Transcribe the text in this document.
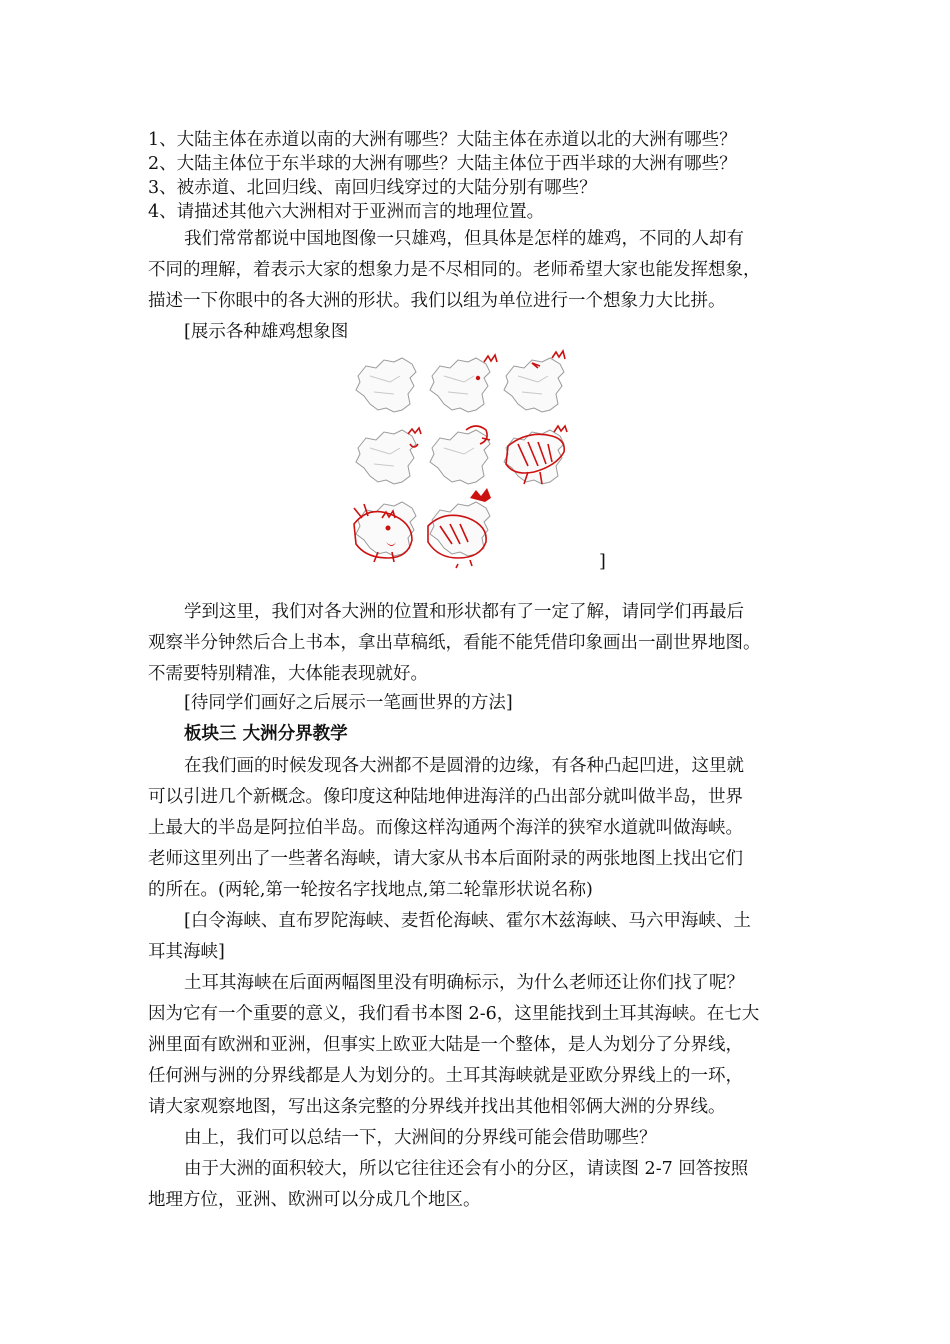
1、大陆主体在赤道以南的大洲有哪些？大陆主体在赤道以北的大洲有哪些？
2、大陆主体位于东半球的大洲有哪些？大陆主体位于西半球的大洲有哪些？
3、被赤道、北回归线、南回归线穿过的大陆分别有哪些？
4、请描述其他六大洲相对于亚洲而言的地理位置。
我们常常都说中国地图像一只雄鸡，但具体是怎样的雄鸡，不同的人却有
不同的理解，着表示大家的想象力是不尽相同的。老师希望大家也能发挥想象，
描述一下你眼中的各大洲的形状。我们以组为单位进行一个想象力大比拼。
[展示各种雄鸡想象图
]
学到这里，我们对各大洲的位置和形状都有了一定了解，请同学们再最后
观察半分钟然后合上书本，拿出草稿纸，看能不能凭借印象画出一副世界地图。
不需要特别精准，大体能表现就好。
[待同学们画好之后展示一笔画世界的方法]
板块三 大洲分界教学
在我们画的时候发现各大洲都不是圆滑的边缘，有各种凸起凹进，这里就
可以引进几个新概念。像印度这种陆地伸进海洋的凸出部分就叫做半岛，世界
上最大的半岛是阿拉伯半岛。而像这样沟通两个海洋的狭窄水道就叫做海峡。
老师这里列出了一些著名海峡，请大家从书本后面附录的两张地图上找出它们
的所在。(两轮,第一轮按名字找地点,第二轮靠形状说名称)
[白令海峡、直布罗陀海峡、麦哲伦海峡、霍尔木兹海峡、马六甲海峡、土
耳其海峡]
土耳其海峡在后面两幅图里没有明确标示，为什么老师还让你们找了呢？
因为它有一个重要的意义，我们看书本图 2-6，这里能找到土耳其海峡。在七大
洲里面有欧洲和亚洲，但事实上欧亚大陆是一个整体，是人为划分了分界线，
任何洲与洲的分界线都是人为划分的。土耳其海峡就是亚欧分界线上的一环，
请大家观察地图，写出这条完整的分界线并找出其他相邻俩大洲的分界线。
由上，我们可以总结一下，大洲间的分界线可能会借助哪些？
由于大洲的面积较大，所以它往往还会有小的分区，请读图 2-7 回答按照
地理方位，亚洲、欧洲可以分成几个地区。
